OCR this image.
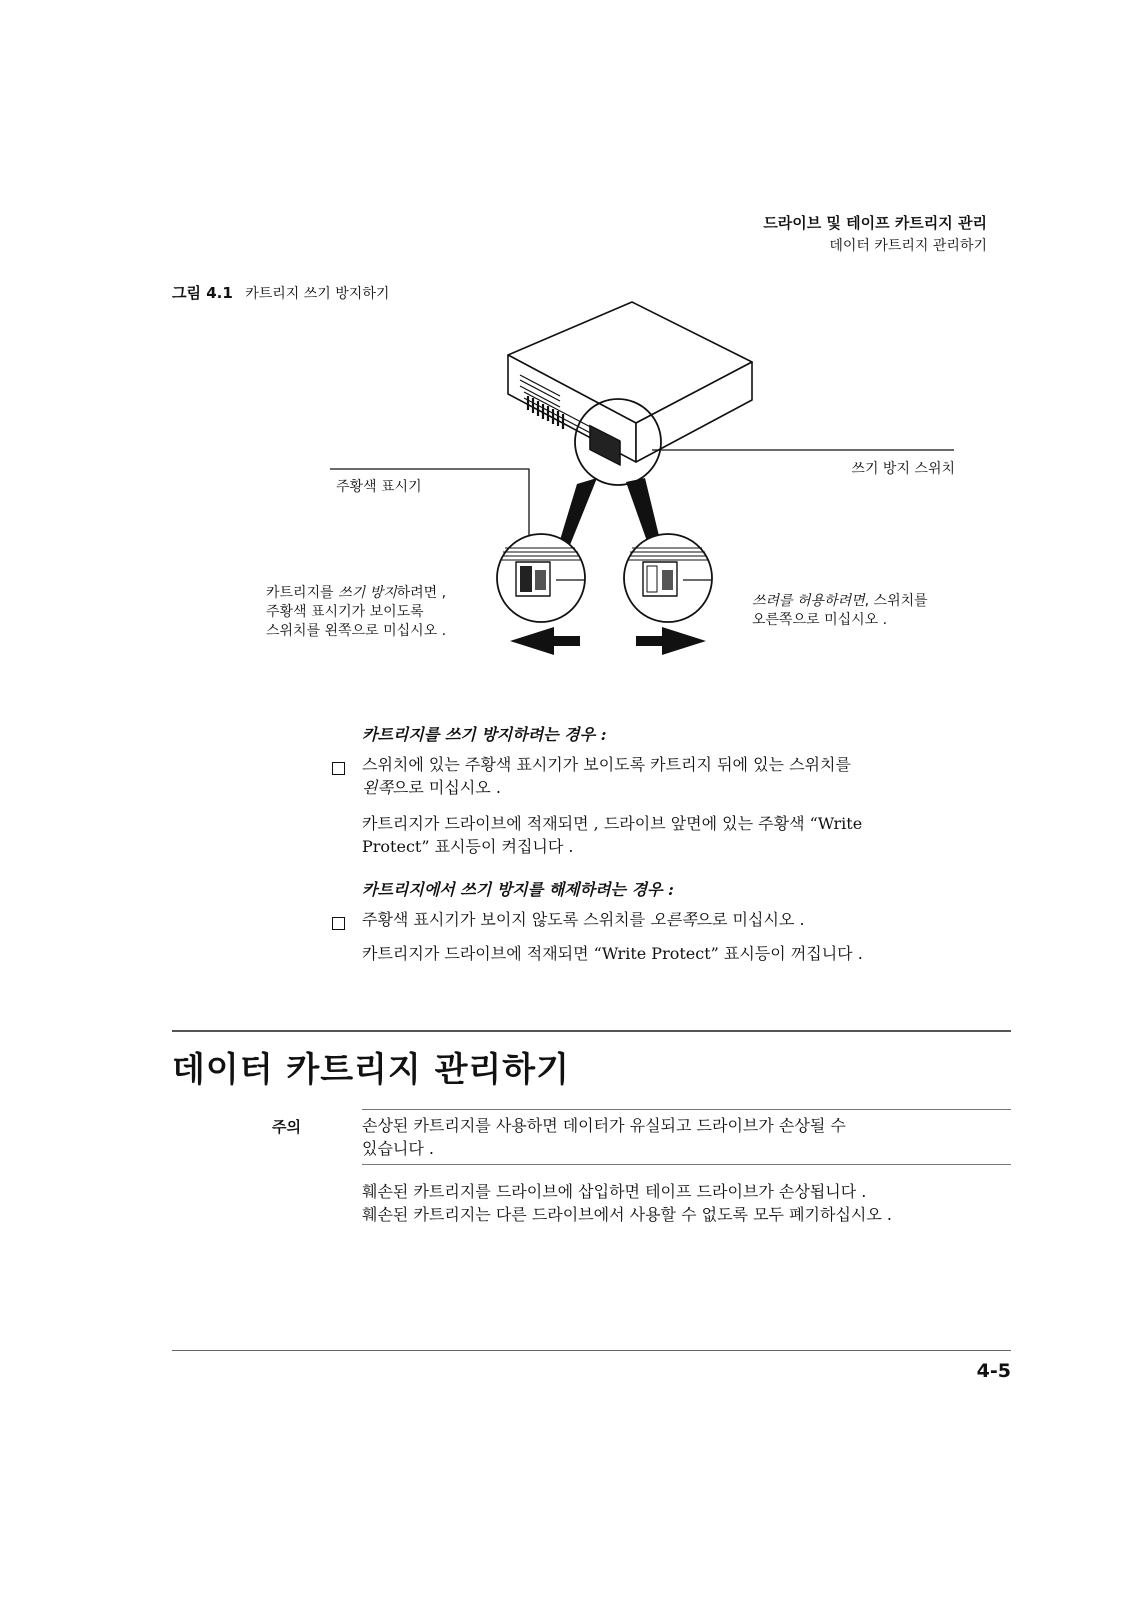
드라이브 및 테이프 카트리지 관리
데이터 카트리지 관리하기
그림 4.1 카트리지 쓰기 방지하기
쓰기 방지 스위치
주황색 표시기
카트리지를 쓰기 방지하려면 ,
주황색 표시기가 보이도록
스위치를 왼쪽으로 미십시오 .
쓰려를 허용하려면, 스위치를
오른쪽으로 미십시오 .
카트리지를 쓰기 방지하려는 경우 :
스위치에 있는 주황색 표시기가 보이도록 카트리지 뒤에 있는 스위치를
왼쪽으로 미십시오 .
카트리지가 드라이브에 적재되면 , 드라이브 앞면에 있는 주황색 “Write
Protect” 표시등이 켜집니다 .
카트리지에서 쓰기 방지를 해제하려는 경우 :
주황색 표시기가 보이지 않도록 스위치를 오른쪽으로 미십시오 .
카트리지가 드라이브에 적재되면 “Write Protect” 표시등이 꺼집니다 .
데이터 카트리지 관리하기
주의	손상된 카트리지를 사용하면 데이터가 유실되고 드라이브가 손상될 수
있습니다 .
훼손된 카트리지를 드라이브에 삽입하면 테이프 드라이브가 손상됩니다 .
훼손된 카트리지는 다른 드라이브에서 사용할 수 없도록 모두 폐기하십시오 .
4-5
